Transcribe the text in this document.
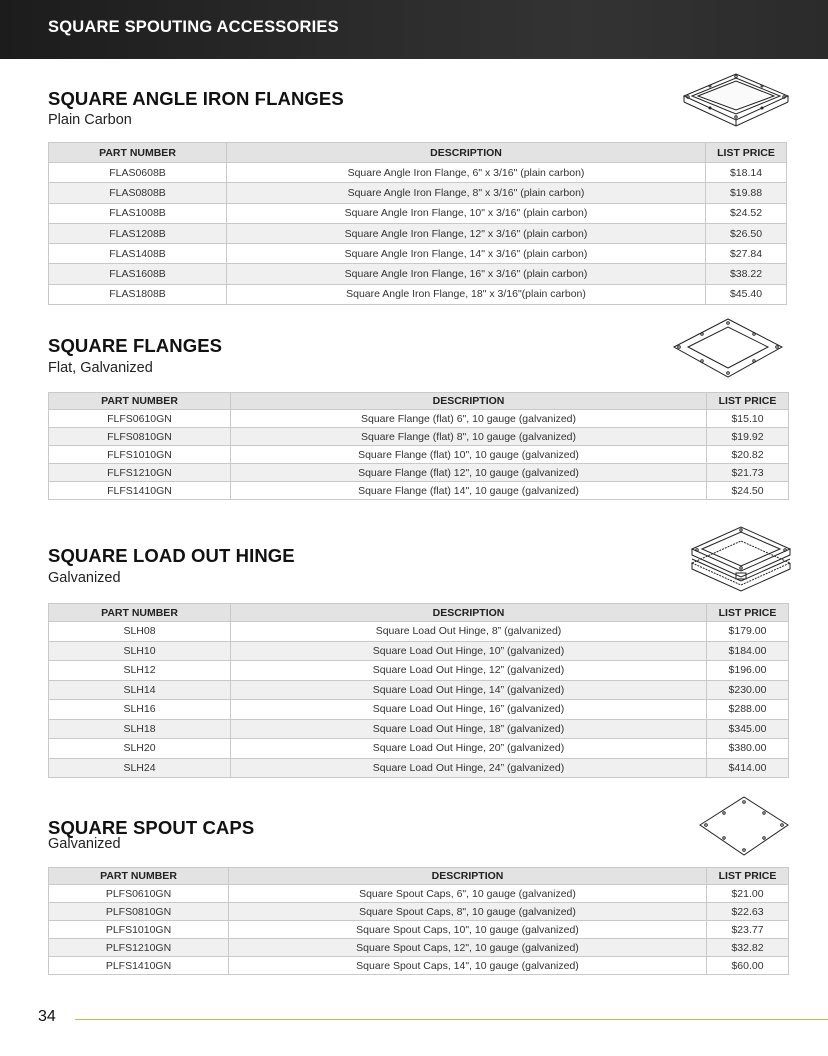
SQUARE SPOUTING ACCESSORIES
SQUARE ANGLE IRON FLANGES
Plain Carbon
PART NUMBER	DESCRIPTION	LIST PRICE
FLAS0608B	Square Angle Iron Flange, 6" x 3/16" (plain carbon)	$18.14
FLAS0808B	Square Angle Iron Flange, 8" x 3/16" (plain carbon)	$19.88
FLAS1008B	Square Angle Iron Flange, 10" x 3/16" (plain carbon)	$24.52
FLAS1208B	Square Angle Iron Flange, 12" x 3/16" (plain carbon)	$26.50
FLAS1408B	Square Angle Iron Flange, 14" x 3/16" (plain carbon)	$27.84
FLAS1608B	Square Angle Iron Flange, 16" x 3/16" (plain carbon)	$38.22
FLAS1808B	Square Angle Iron Flange, 18" x 3/16"(plain carbon)	$45.40
SQUARE FLANGES
Flat, Galvanized
PART NUMBER	DESCRIPTION	LIST PRICE
FLFS0610GN	Square Flange (flat) 6", 10 gauge (galvanized)	$15.10
FLFS0810GN	Square Flange (flat) 8", 10 gauge (galvanized)	$19.92
FLFS1010GN	Square Flange (flat) 10", 10 gauge (galvanized)	$20.82
FLFS1210GN	Square Flange (flat) 12", 10 gauge (galvanized)	$21.73
FLFS1410GN	Square Flange (flat) 14", 10 gauge (galvanized)	$24.50
SQUARE LOAD OUT HINGE
Galvanized
PART NUMBER	DESCRIPTION	LIST PRICE
SLH08	Square Load Out Hinge, 8” (galvanized)	$179.00
SLH10	Square Load Out Hinge, 10” (galvanized)	$184.00
SLH12	Square Load Out Hinge, 12” (galvanized)	$196.00
SLH14	Square Load Out Hinge, 14” (galvanized)	$230.00
SLH16	Square Load Out Hinge, 16” (galvanized)	$288.00
SLH18	Square Load Out Hinge, 18” (galvanized)	$345.00
SLH20	Square Load Out Hinge, 20” (galvanized)	$380.00
SLH24	Square Load Out Hinge, 24” (galvanized)	$414.00
SQUARE SPOUT CAPS
Galvanized
PART NUMBER	DESCRIPTION	LIST PRICE
PLFS0610GN	Square Spout Caps, 6", 10 gauge (galvanized)	$21.00
PLFS0810GN	Square Spout Caps, 8", 10 gauge (galvanized)	$22.63
PLFS1010GN	Square Spout Caps, 10", 10 gauge (galvanized)	$23.77
PLFS1210GN	Square Spout Caps, 12", 10 gauge (galvanized)	$32.82
PLFS1410GN	Square Spout Caps, 14", 10 gauge (galvanized)	$60.00
34
